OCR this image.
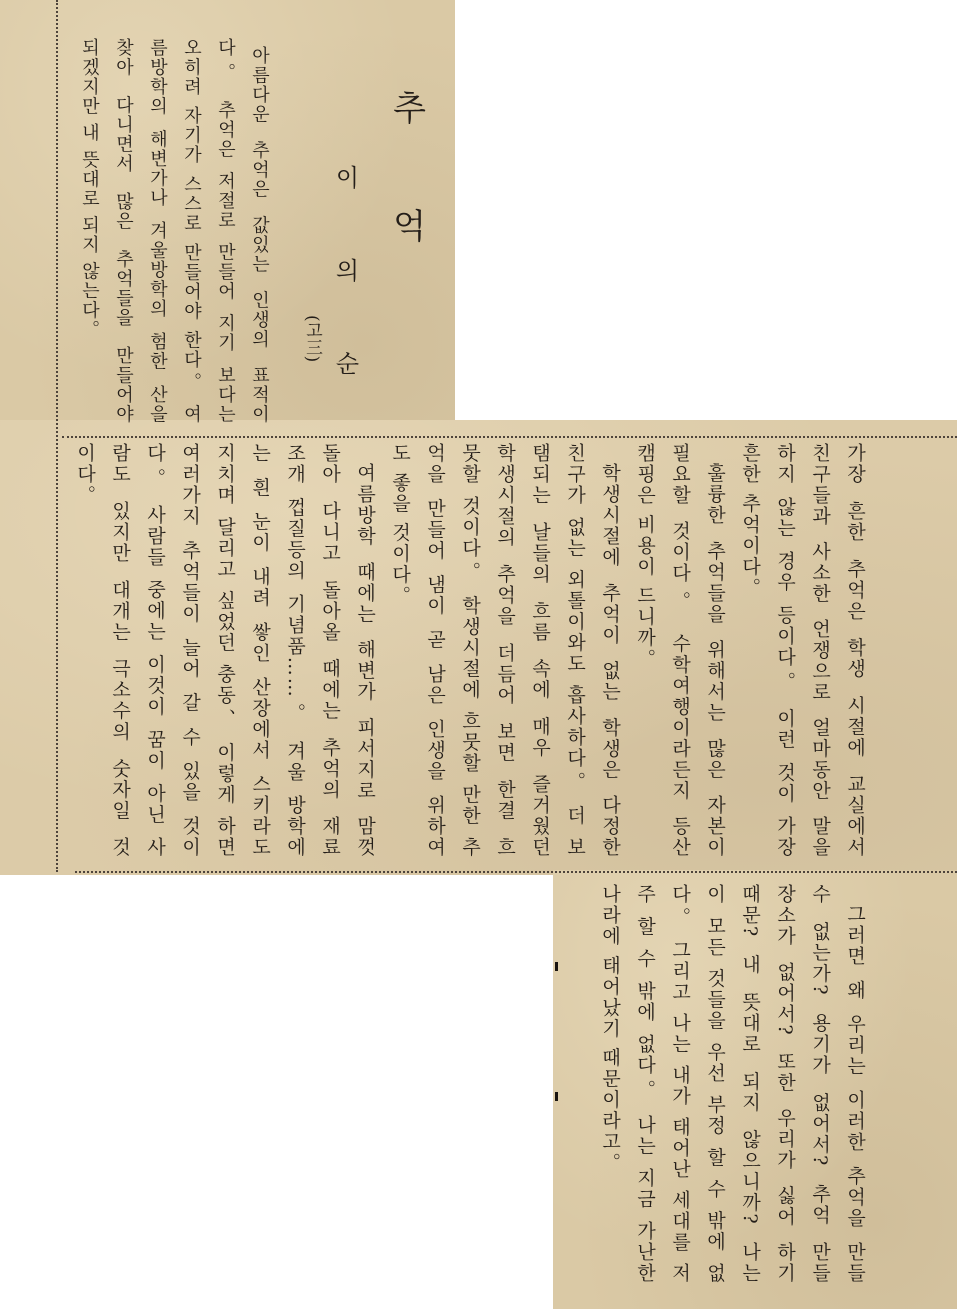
추 억
이 의 순
(고三)
아름다운 추억은 값있는 인생의 표적이
다。 추억은 저절로 만들어 지기 보다는
오히려 자기가 스스로 만들어야 한다。 여
름방학의 해변가나 겨울방학의 험한 산을
찾아 다니면서 많은 추억들을 만들어야
되겠지만 내 뜻대로 되지 않는다。
가장 흔한 추억은 학생 시절에 교실에서
친구들과 사소한 언쟁으로 얼마동안 말을
하지 않는 경우 등이다。 이런 것이 가장
흔한 추억이다。
훌륭한 추억들을 위해서는 많은 자본이
필요할 것이다。 수학여행이라든지 등산
캠핑은 비용이 드니까。
학생시절에 추억이 없는 학생은 다정한
친구가 없는 외톨이와도 흡사하다。 더 보
탬되는 날들의 흐름 속에 매우 즐거웠던
학생시절의 추억을 더듬어 보면 한결 흐
뭇할 것이다。 학생시절에 흐뭇할 만한 추
억을 만들어 냄이 곧 남은 인생을 위하여
도 좋을 것이다。
여름방학 때에는 해변가 피서지로 맘껏
돌아 다니고 돌아올 때에는 추억의 재료
조개 껍질등의 기념품……。 겨울 방학에
는 흰 눈이 내려 쌓인 산장에서 스키라도
지치며 달리고 싶었던 충동、 이렇게 하면
여러가지 추억들이 늘어 갈 수 있을 것이
다。 사람들 중에는 이것이 꿈이 아닌 사
람도 있지만 대개는 극소수의 숫자일 것
이다。
그러면 왜 우리는 이러한 추억을 만들
수 없는가? 용기가 없어서? 추억 만들
장소가 없어서? 또한 우리가 싫어 하기
때문? 내 뜻대로 되지 않으니까? 나는
이 모든 것들을 우선 부정 할 수 밖에 없
다。 그리고 나는 내가 태어난 세대를 저
주 할 수 밖에 없다。 나는 지금 가난한
나라에 태어났기 때문이라고。
